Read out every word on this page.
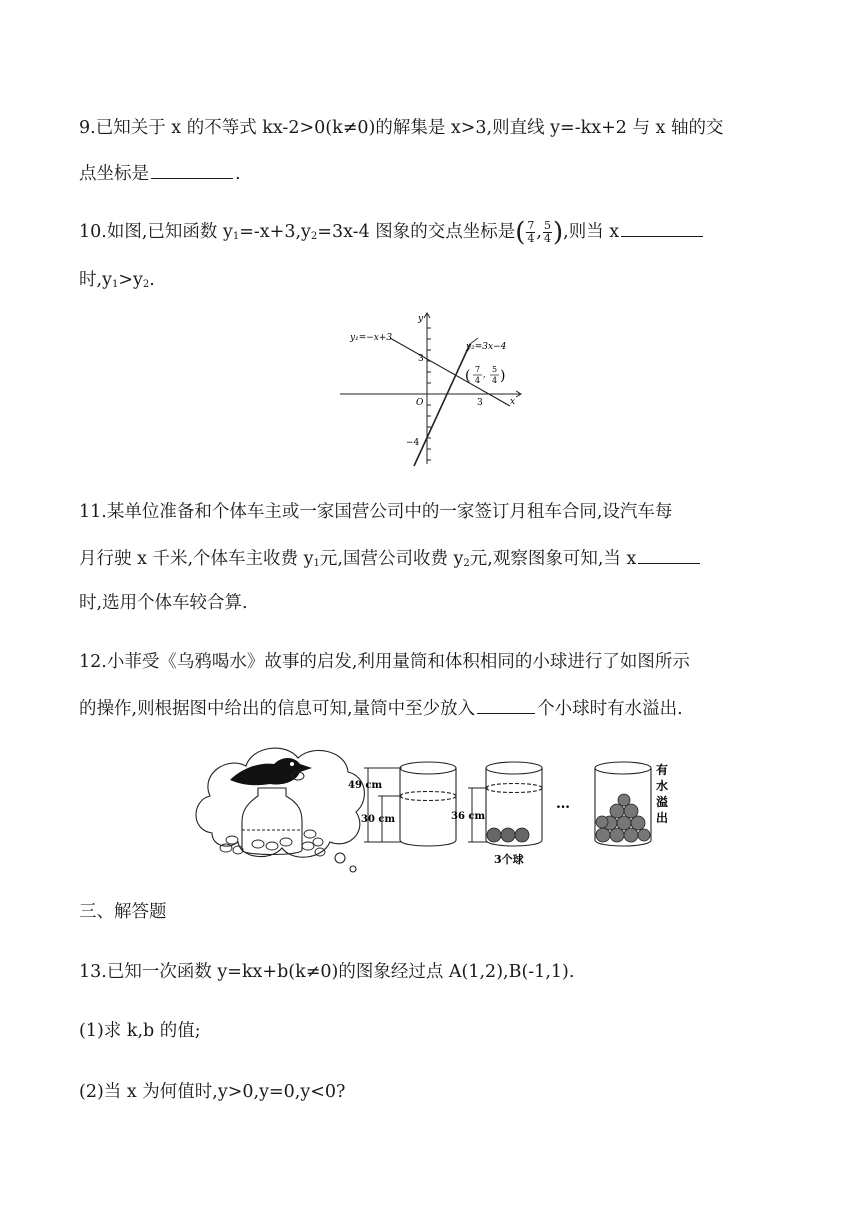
9.已知关于 x 的不等式 kx-2>0(k≠0)的解集是 x>3,则直线 y=-kx+2 与 x 轴的交
点坐标是	.
10.如图,已知函数 $y_1=-x+3,y_2=3x-4$ 图象的交点坐标是( $\frac{7}{4}$ , $\frac{5}{4}$ ),则当 x
时$,y_1>y_2$.
y₁=−x+3
y₂=3x−4
y
x
O
3
3
−4
( 7
4
,
5
4 )
11.某单位准备和个体车主或一家国营公司中的一家签订月租车合同,设汽车每
月行驶 x 千米,个体车主收费 $y_1$元,国营公司收费 $y_2$元,观察图象可知,当 x
时,选用个体车较合算.
12.小菲受《乌鸦喝水》故事的启发,利用量筒和体积相同的小球进行了如图所示
的操作,则根据图中给出的信息可知,量筒中至少放入	个小球时有水溢出.
49 cm
30 cm	36 cm
3个球
…
有
水
溢
出
三、解答题
13.已知一次函数 y=kx+b(k≠0)的图象经过点 A(1,2),B(-1,1).
(1)求 k,b 的值;
(2)当 x 为何值时,y>0,y=0,y<0?
